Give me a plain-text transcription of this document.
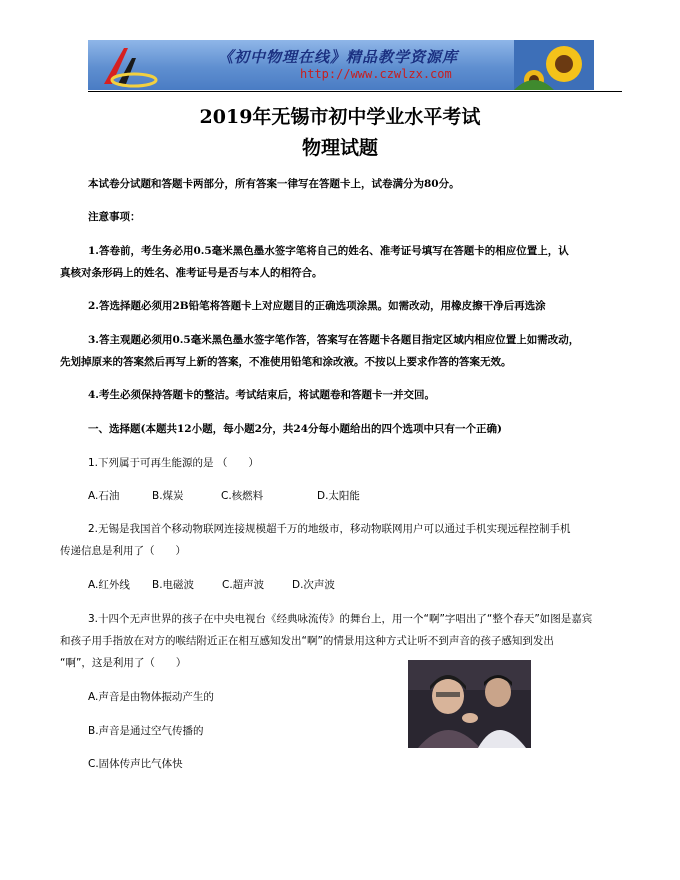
《初中物理在线》精品教学资源库
http://www.czwlzx.com
2019年无锡市初中学业水平考试
物理试题
本试卷分试题和答题卡两部分，所有答案一律写在答题卡上，试卷满分为80分。
注意事项：
1.答卷前，考生务必用0.5毫米黑色墨水签字笔将自己的姓名、准考证号填写在答题卡的相应位置上，认
真核对条形码上的姓名、准考证号是否与本人的相符合。
2.答选择题必须用2B铅笔将答题卡上对应题目的正确选项涂黑。如需改动，用橡皮擦干净后再选涂
3.答主观题必须用0.5毫米黑色墨水签字笔作答，答案写在答题卡各题目指定区域内相应位置上如需改动，
先划掉原来的答案然后再写上新的答案，不准使用铅笔和涂改液。不按以上要求作答的答案无效。
4.考生必须保持答题卡的整洁。考试结束后，将试题卷和答题卡一并交回。
一、选择题(本题共12小题，每小题2分，共24分每小题给出的四个选项中只有一个正确)
1.下列属于可再生能源的是 （　　）
A.石油	B.煤炭	C.核燃料	D.太阳能
2.无锡是我国首个移动物联网连接规模超千万的地级市，移动物联网用户可以通过手机实现远程控制手机
传递信息是利用了（　　）
A.红外线 B.电磁波	C.超声波	D.次声波
3.十四个无声世界的孩子在中央电视台《经典咏流传》的舞台上，用一个“啊”字唱出了“整个春天”如图是嘉宾
和孩子用手指放在对方的喉结附近正在相互感知发出“啊”的情景用这种方式让听不到声音的孩子感知到发出
“啊”，这是利用了（　　）
A.声音是由物体振动产生的
B.声音是通过空气传播的
C.固体传声比气体快
